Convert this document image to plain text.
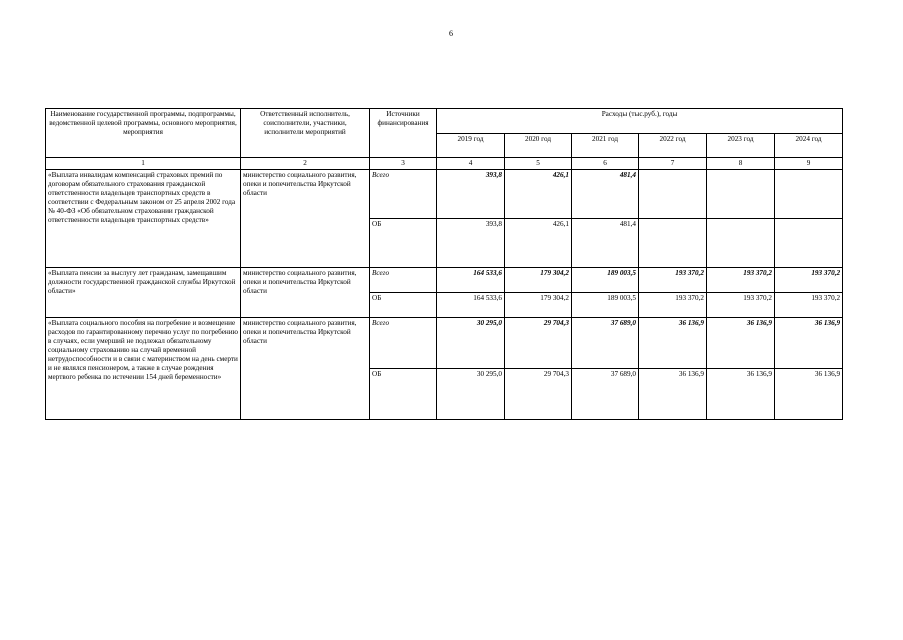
6
Наименование государственной программы, подпрограммы, ведомственной целевой программы, основного мероприятия, мероприятия	Ответственный исполнитель, соисполнители, участники, исполнители мероприятий	Источники финансирования	Расходы (тыс.руб.), годы					
			2019 год	2020 год	2021 год	2022 год	2023 год	2024 год
1	2	3	4	5	6	7	8	9
«Выплата инвалидам компенсаций страховых премий по договорам обязательного страхования гражданской ответственности владельцев транспортных средств в соответствии с Федеральным законом от 25 апреля 2002 года № 40-ФЗ «Об обязательном страховании гражданской ответственности владельцев транспортных средств»	министерство социального развития, опеки и попечительства Иркутской области	Всего	393,8	426,1	481,4			
		ОБ	393,8	426,1	481,4			
«Выплата пенсии за выслугу лет гражданам, замещавшим должности государственной гражданской службы Иркутской области»	министерство социального развития, опеки и попечительства Иркутской области	Всего	164 533,6	179 304,2	189 003,5	193 370,2	193 370,2	193 370,2
		ОБ	164 533,6	179 304,2	189 003,5	193 370,2	193 370,2	193 370,2
«Выплата социального пособия на погребение и возмещение расходов по гарантированному перечню услуг по погребению в случаях, если умерший не подлежал обязательному социальному страхованию на случай временной нетрудоспособности и в связи с материнством на день смерти и не являлся пенсионером, а также в случае рождения мертвого ребенка по истечении 154 дней беременности»	министерство социального развития, опеки и попечительства Иркутской области	Всего	30 295,0	29 704,3	37 689,0	36 136,9	36 136,9	36 136,9
		ОБ	30 295,0	29 704,3	37 689,0	36 136,9	36 136,9	36 136,9
